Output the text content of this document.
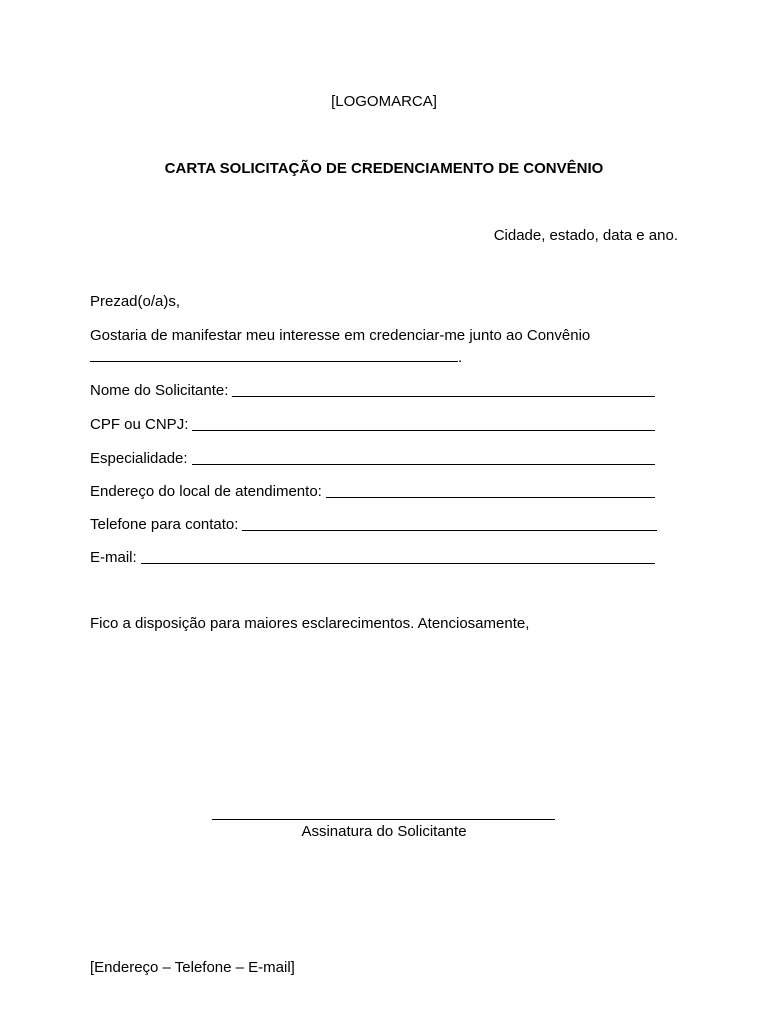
[LOGOMARCA]
CARTA SOLICITAÇÃO DE CREDENCIAMENTO DE CONVÊNIO
Cidade, estado, data e ano.
Prezad(o/a)s,
Gostaria de manifestar meu interesse em credenciar-me junto ao Convênio
.
Nome do Solicitante:
CPF ou CNPJ:
Especialidade:
Endereço do local de atendimento:
Telefone para contato:
E-mail:
Fico a disposição para maiores esclarecimentos. Atenciosamente,
Assinatura do Solicitante
[Endereço – Telefone – E-mail]
